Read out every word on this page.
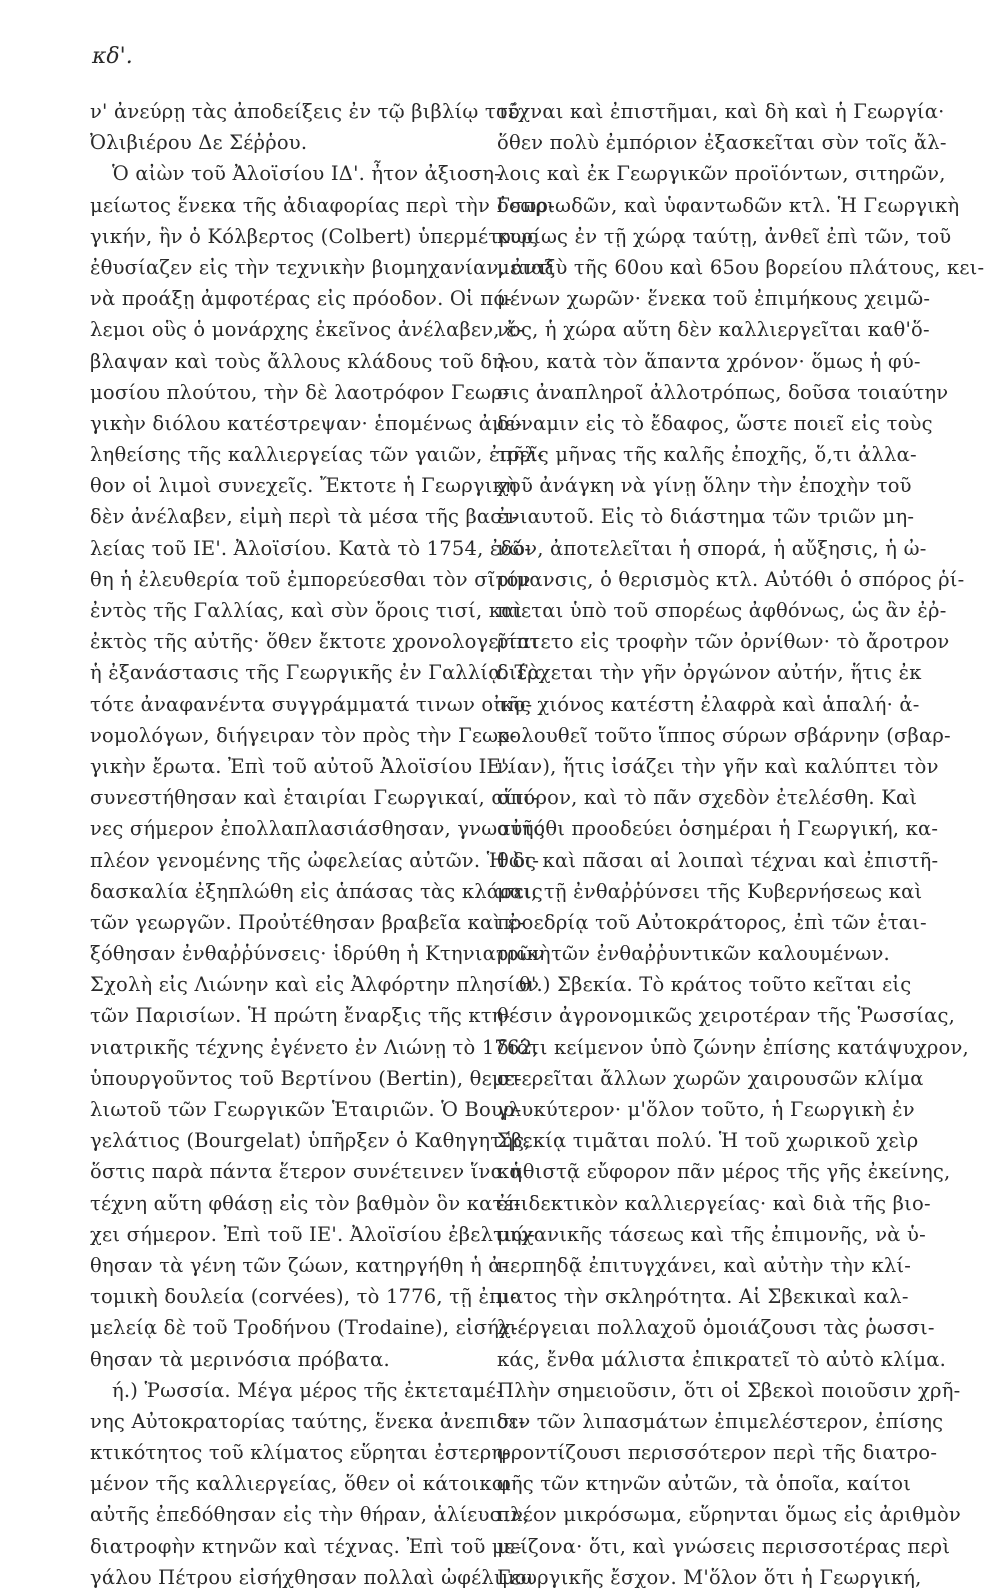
κδ'.
ν' ἀνεύρῃ τὰς ἀποδείξεις ἐν τῷ βιβλίῳ τοῦ
Ὀλιβιέρου Δε Σέῤῥου.
Ὁ αἰὼν τοῦ Ἀλοϊσίου ΙΔ'. ἦτον ἀξιοση-
μείωτος ἕνεκα τῆς ἀδιαφορίας περὶ τὴν Γεωρ-
γικήν, ἣν ὁ Κόλβερτος (Colbert) ὑπερμέτρως
ἐθυσίαζεν εἰς τὴν τεχνικὴν βιομηχανίαν, ἀντὶ
νὰ προάξῃ ἀμφοτέρας εἰς πρόοδον. Οἱ πό-
λεμοι οὓς ὁ μονάρχης ἐκεῖνος ἀνέλαβεν, ἔ-
βλαψαν καὶ τοὺς ἄλλους κλάδους τοῦ δη-
μοσίου πλούτου, τὴν δὲ λαοτρόφον Γεωρ-
γικὴν διόλου κατέστρεψαν· ἑπομένως ἀμε-
ληθείσης τῆς καλλιεργείας τῶν γαιῶν, ἐπῆλ-
θον οἱ λιμοὶ συνεχεῖς. Ἔκτοτε ἡ Γεωργικὴ
δὲν ἀνέλαβεν, εἰμὴ περὶ τὰ μέσα τῆς βασι-
λείας τοῦ ΙΕ'. Ἀλοϊσίου. Κατὰ τὸ 1754, ἐδό-
θη ἡ ἐλευθερία τοῦ ἐμπορεύεσθαι τὸν σῖτον
ἐντὸς τῆς Γαλλίας, καὶ σὺν ὅροις τισί, καὶ
ἐκτὸς τῆς αὐτῆς· ὅθεν ἔκτοτε χρονολογεῖται
ἡ ἐξανάστασις τῆς Γεωργικῆς ἐν Γαλλίᾳ. Τὰ
τότε ἀναφανέντα συγγράμματά τινων οἰκο-
νομολόγων, διήγειραν τὸν πρὸς τὴν Γεωρ-
γικὴν ἔρωτα. Ἐπὶ τοῦ αὐτοῦ Ἀλοϊσίου ΙΕ'.
συνεστήθησαν καὶ ἑταιρίαι Γεωργικαί, αἵτι-
νες σήμερον ἐπολλαπλασιάσθησαν, γνωστῆς
πλέον γενομένης τῆς ὠφελείας αὐτῶν. Ἡ δι-
δασκαλία ἐξηπλώθη εἰς ἁπάσας τὰς κλάσεις
τῶν γεωργῶν. Προὐτέθησαν βραβεῖα καὶ ἐ-
ξόθησαν ἐνθαῤῥύνσεις· ἱδρύθη ἡ Κτηνιατρικὴ
Σχολὴ εἰς Λιώνην καὶ εἰς Ἀλφόρτην πλησίον
τῶν Παρισίων. Ἡ πρώτη ἔναρξις τῆς κτη-
νιατρικῆς τέχνης ἐγένετο ἐν Λιώνῃ τὸ 1762,
ὑπουργοῦντος τοῦ Βερτίνου (Bertin), θεμε-
λιωτοῦ τῶν Γεωργικῶν Ἑταιριῶν. Ὁ Βουρ-
γελάτιος (Bourgelat) ὑπῆρξεν ὁ Καθηγητής,
ὅστις παρὰ πάντα ἕτερον συνέτεινεν ἵνα ἡ
τέχνη αὕτη φθάσῃ εἰς τὸν βαθμὸν ὃν κατέ-
χει σήμερον. Ἐπὶ τοῦ ΙΕ'. Ἀλοϊσίου ἐβελτιώ-
θησαν τὰ γένη τῶν ζώων, κατηργήθη ἡ ἀ-
τομικὴ δουλεία (corvées), τὸ 1776, τῇ ἐπι-
μελείᾳ δὲ τοῦ Τροδήνου (Trodaine), εἰσήχ-
θησαν τὰ μερινόσια πρόβατα.
ή.) Ῥωσσία. Μέγα μέρος τῆς ἐκτεταμέ-
νης Αὐτοκρατορίας ταύτης, ἕνεκα ἀνεπιδε-
κτικότητος τοῦ κλίματος εὕρηται ἐστερη-
μένον τῆς καλλιεργείας, ὅθεν οἱ κάτοικοι
αὐτῆς ἐπεδόθησαν εἰς τὴν θήραν, ἁλίευσιν,
διατροφὴν κτηνῶν καὶ τέχνας. Ἐπὶ τοῦ με-
γάλου Πέτρου εἰσήχθησαν πολλαὶ ὠφέλιμοι
τέχναι καὶ ἐπιστῆμαι, καὶ δὴ καὶ ἡ Γεωργία·
ὅθεν πολὺ ἐμπόριον ἐξασκεῖται σὺν τοῖς ἄλ-
λοις καὶ ἐκ Γεωργικῶν προϊόντων, σιτηρῶν,
ὀσπριωδῶν, καὶ ὑφαντωδῶν κτλ. Ἡ Γεωργικὴ
κυρίως ἐν τῇ χώρᾳ ταύτῃ, ἀνθεῖ ἐπὶ τῶν, τοῦ
μεταξὺ τῆς 60ου καὶ 65ου βορείου πλάτους, κει-
μένων χωρῶν· ἕνεκα τοῦ ἐπιμήκους χειμῶ-
νος, ἡ χώρα αὕτη δὲν καλλιεργεῖται καθ'ὅ-
λου, κατὰ τὸν ἅπαντα χρόνον· ὅμως ἡ φύ-
σις ἀναπληροῖ ἀλλοτρόπως, δοῦσα τοιαύτην
δύναμιν εἰς τὸ ἔδαφος, ὥστε ποιεῖ εἰς τοὺς
τρεῖς μῆνας τῆς καλῆς ἐποχῆς, ὅ,τι ἀλλα-
χοῦ ἀνάγκη νὰ γίνῃ ὅλην τὴν ἐποχὴν τοῦ
ἐνιαυτοῦ. Εἰς τὸ διάστημα τῶν τριῶν μη-
νῶν, ἀποτελεῖται ἡ σπορά, ἡ αὔξησις, ἡ ὠ-
ρίμανσις, ὁ θερισμὸς κτλ. Αὐτόθι ὁ σπόρος ῥί-
πτεται ὑπὸ τοῦ σπορέως ἀφθόνως, ὡς ἂν ἐῤ-
ρίπτετο εἰς τροφὴν τῶν ὀρνίθων· τὸ ἄροτρον
διέρχεται τὴν γῆν ὀργώνον αὐτήν, ἥτις ἐκ
τῆς χιόνος κατέστη ἐλαφρὰ καὶ ἁπαλή· ἀ-
κολουθεῖ τοῦτο ἵππος σύρων σβάρνην (σβαρ-
νίαν), ἥτις ἰσάζει τὴν γῆν καὶ καλύπτει τὸν
σπόρον, καὶ τὸ πᾶν σχεδὸν ἐτελέσθη. Καὶ
αὐτόθι προοδεύει ὁσημέραι ἡ Γεωργική, κα-
θὼς καὶ πᾶσαι αἱ λοιπαὶ τέχναι καὶ ἐπιστῆ-
μαι, τῇ ἐνθαῤῥύνσει τῆς Κυβερνήσεως καὶ
προεδρίᾳ τοῦ Αὐτοκράτορος, ἐπὶ τῶν ἑται-
ριῶν τῶν ἐνθαῤῥυντικῶν καλουμένων.
θ'.) Σβεκία. Τὸ κράτος τοῦτο κεῖται εἰς
θέσιν ἀγρονομικῶς χειροτέραν τῆς Ῥωσσίας,
διότι κείμενον ὑπὸ ζώνην ἐπίσης κατάψυχρον,
στερεῖται ἄλλων χωρῶν χαιρουσῶν κλίμα
γλυκύτερον· μ'ὅλον τοῦτο, ἡ Γεωργικὴ ἐν
Σβεκίᾳ τιμᾶται πολύ. Ἡ τοῦ χωρικοῦ χεὶρ
καθιστᾷ εὔφορον πᾶν μέρος τῆς γῆς ἐκείνης,
ἐπιδεκτικὸν καλλιεργείας· καὶ διὰ τῆς βιο-
μηχανικῆς τάσεως καὶ τῆς ἐπιμονῆς, νὰ ὑ-
περπηδᾷ ἐπιτυγχάνει, καὶ αὐτὴν τὴν κλί-
ματος τὴν σκληρότητα. Αἱ Σβεκικαὶ καλ-
λιέργειαι πολλαχοῦ ὁμοιάζουσι τὰς ῥωσσι-
κάς, ἔνθα μάλιστα ἐπικρατεῖ τὸ αὐτὸ κλίμα.
Πλὴν σημειοῦσιν, ὅτι οἱ Σβεκοὶ ποιοῦσιν χρῆ-
σιν τῶν λιπασμάτων ἐπιμελέστερον, ἐπίσης
φροντίζουσι περισσότερον περὶ τῆς διατρο-
φῆς τῶν κτηνῶν αὐτῶν, τὰ ὁποῖα, καίτοι
πλέον μικρόσωμα, εὕρηνται ὅμως εἰς ἀριθμὸν
μείζονα· ὅτι, καὶ γνώσεις περισσοτέρας περὶ
Γεωργικῆς ἔσχον. Μ'ὅλον ὅτι ἡ Γεωργική,
